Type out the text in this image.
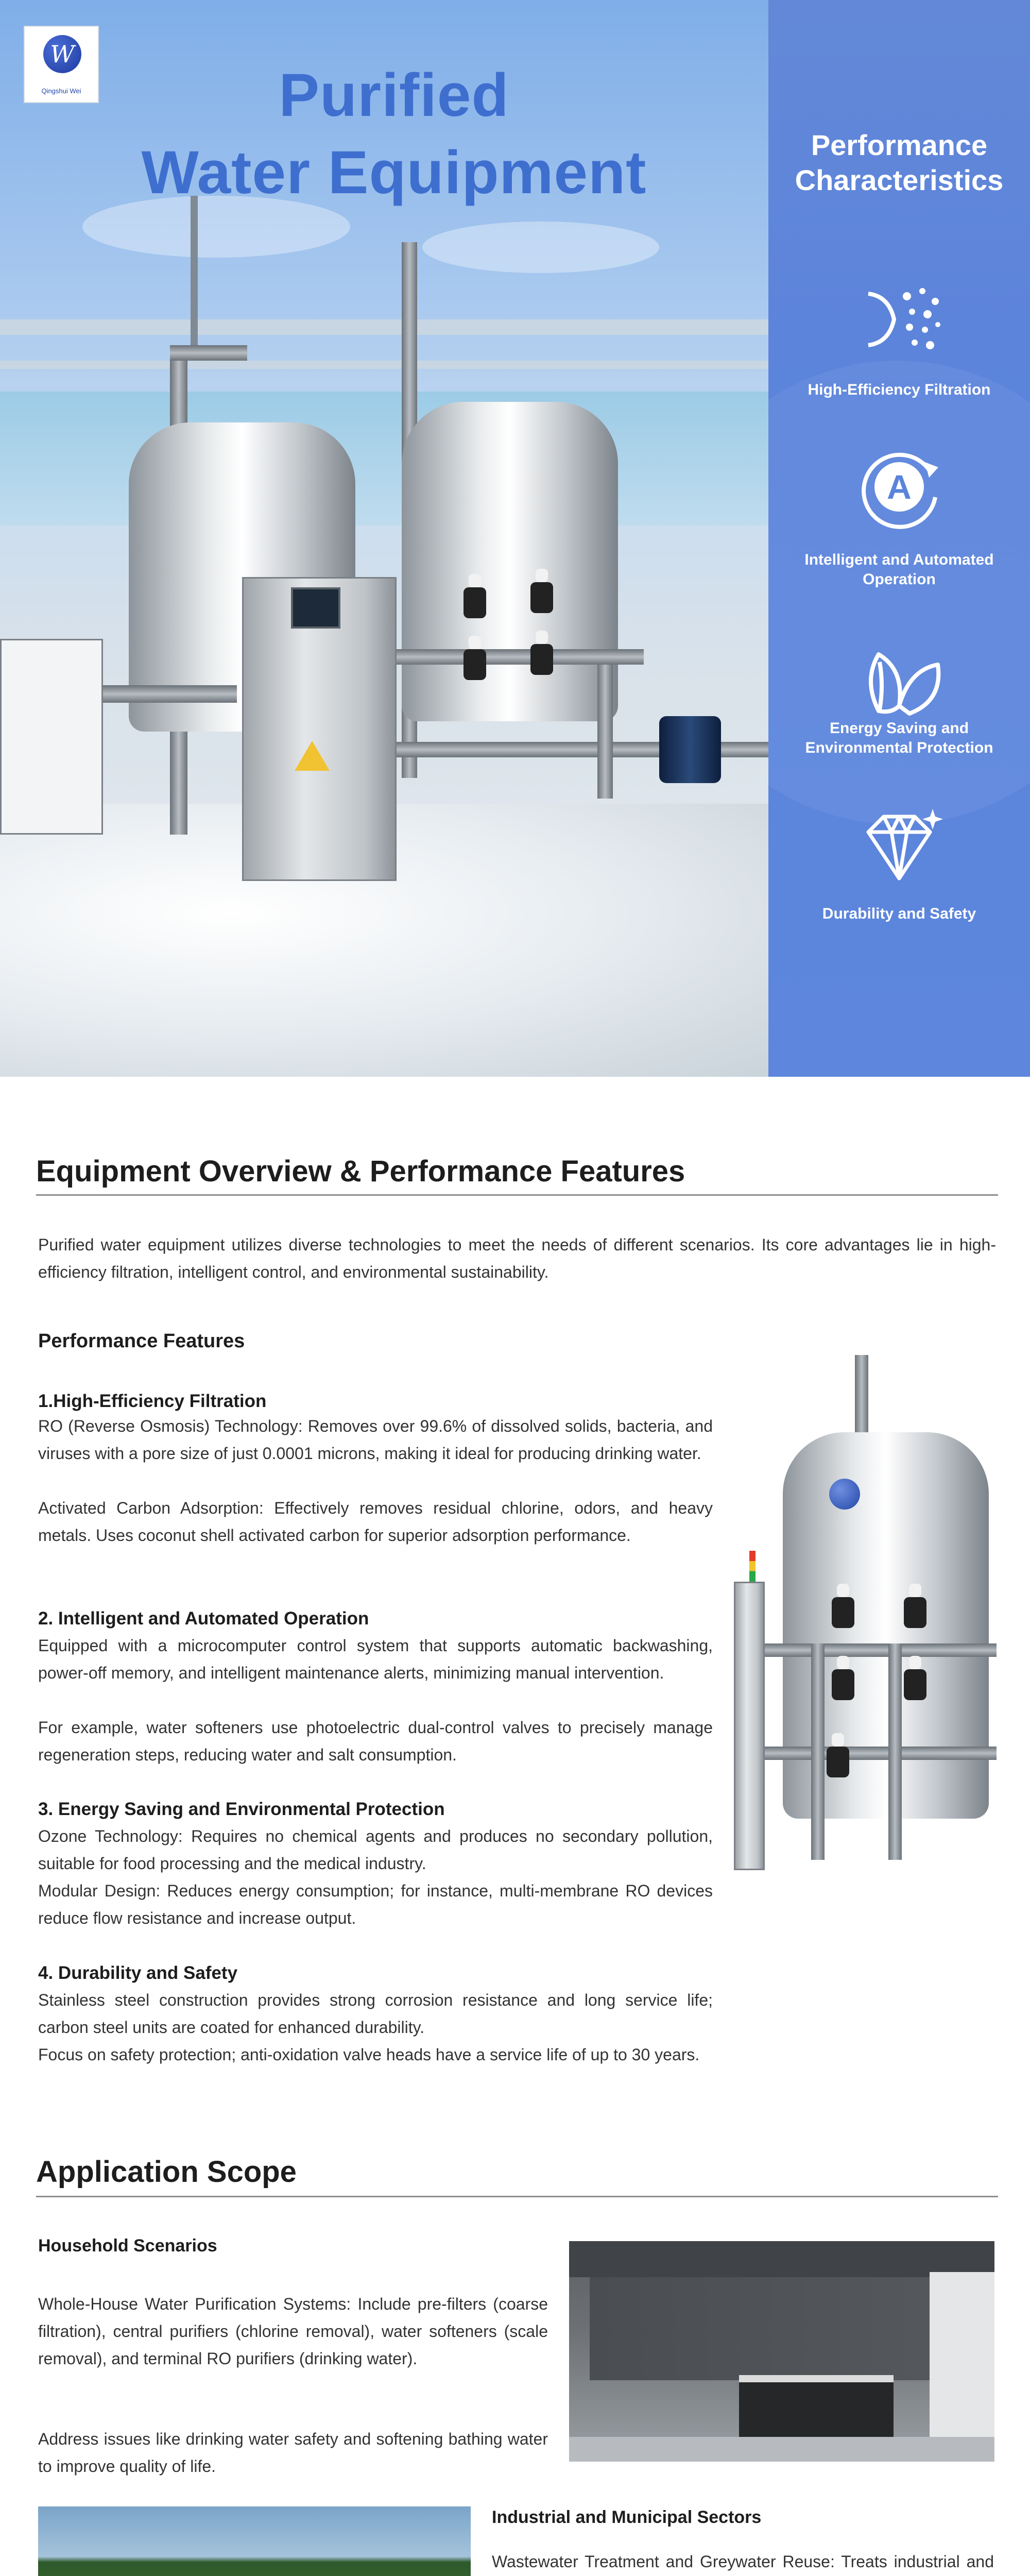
W
Qingshui Wei	Purified
Water Equipment	Performance
Characteristics
High-Efficiency Filtration
A
Intelligent and Automated Operation
Energy Saving and Environmental Protection
Durability and Safety
Equipment Overview & Performance Features

Purified water equipment utilizes diverse technologies to meet the needs of different scenarios. Its core advantages lie in high-efficiency filtration, intelligent control, and environmental sustainability.

Performance Features
1.High-Efficiency Filtration

RO (Reverse Osmosis) Technology: Removes over 99.6% of dissolved solids, bacteria, and viruses with a pore size of just 0.0001 microns, making it ideal for producing drinking water.

Activated Carbon Adsorption: Effectively removes residual chlorine, odors, and heavy metals. Uses coconut shell activated carbon for superior adsorption performance.

2. Intelligent and Automated Operation

Equipped with a microcomputer control system that supports automatic backwashing, power-off memory, and intelligent maintenance alerts, minimizing manual intervention.

For example, water softeners use photoelectric dual-control valves to precisely manage regeneration steps, reducing water and salt consumption.

3. Energy Saving and Environmental Protection

Ozone Technology: Requires no chemical agents and produces no secondary pollution, suitable for food processing and the medical industry.

Modular Design: Reduces energy consumption; for instance, multi-membrane RO devices reduce flow resistance and increase output.

4. Durability and Safety

Stainless steel construction provides strong corrosion resistance and long service life; carbon steel units are coated for enhanced durability.

Focus on safety protection; anti-oxidation valve heads have a service life of up to 30 years.

Application Scope
Household Scenarios

Whole-House Water Purification Systems: Include pre-filters (coarse filtration), central purifiers (chlorine removal), water softeners (scale removal), and terminal RO purifiers (drinking water).

Address issues like drinking water safety and softening bathing water to improve quality of life.

Industrial and Municipal Sectors

Wastewater Treatment and Greywater Reuse: Treats industrial and
